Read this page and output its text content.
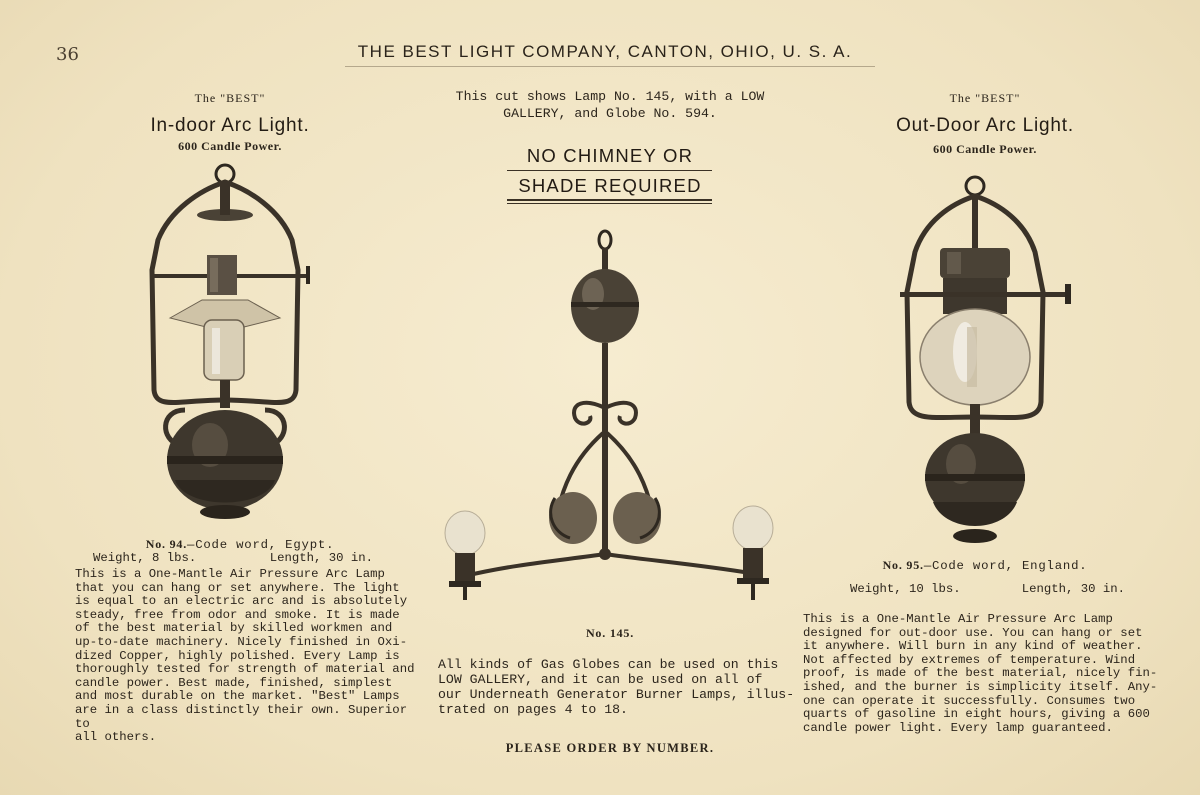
36	THE BEST LIGHT COMPANY, CANTON, OHIO, U. S. A.
The "BEST"
In-door Arc Light.
600 Candle Power.
No. 94.—Code word, Egypt.
Weight, 8 lbs.	Length, 30 in.
This is a One-Mantle Air Pressure Arc Lamp
that you can hang or set anywhere. The light
is equal to an electric arc and is absolutely
steady, free from odor and smoke. It is made
of the best material by skilled workmen and
up-to-date machinery. Nicely finished in Oxi-
dized Copper, highly polished. Every Lamp is
thoroughly tested for strength of material and
candle power. Best made, finished, simplest
and most durable on the market. "Best" Lamps
are in a class distinctly their own. Superior to
all others.
This cut shows Lamp No. 145, with a LOW
GALLERY, and Globe No. 594.
NO CHIMNEY OR
SHADE REQUIRED
No. 145.
All kinds of Gas Globes can be used on this
LOW GALLERY, and it can be used on all of
our Underneath Generator Burner Lamps, illus-
trated on pages 4 to 18.
PLEASE ORDER BY NUMBER.
The "BEST"
Out-Door Arc Light.
600 Candle Power.
No. 95.—Code word, England.
Weight, 10 lbs.	Length, 30 in.
This is a One-Mantle Air Pressure Arc Lamp
designed for out-door use. You can hang or set
it anywhere. Will burn in any kind of weather.
Not affected by extremes of temperature. Wind
proof, is made of the best material, nicely fin-
ished, and the burner is simplicity itself. Any-
one can operate it successfully. Consumes two
quarts of gasoline in eight hours, giving a 600
candle power light. Every lamp guaranteed.
